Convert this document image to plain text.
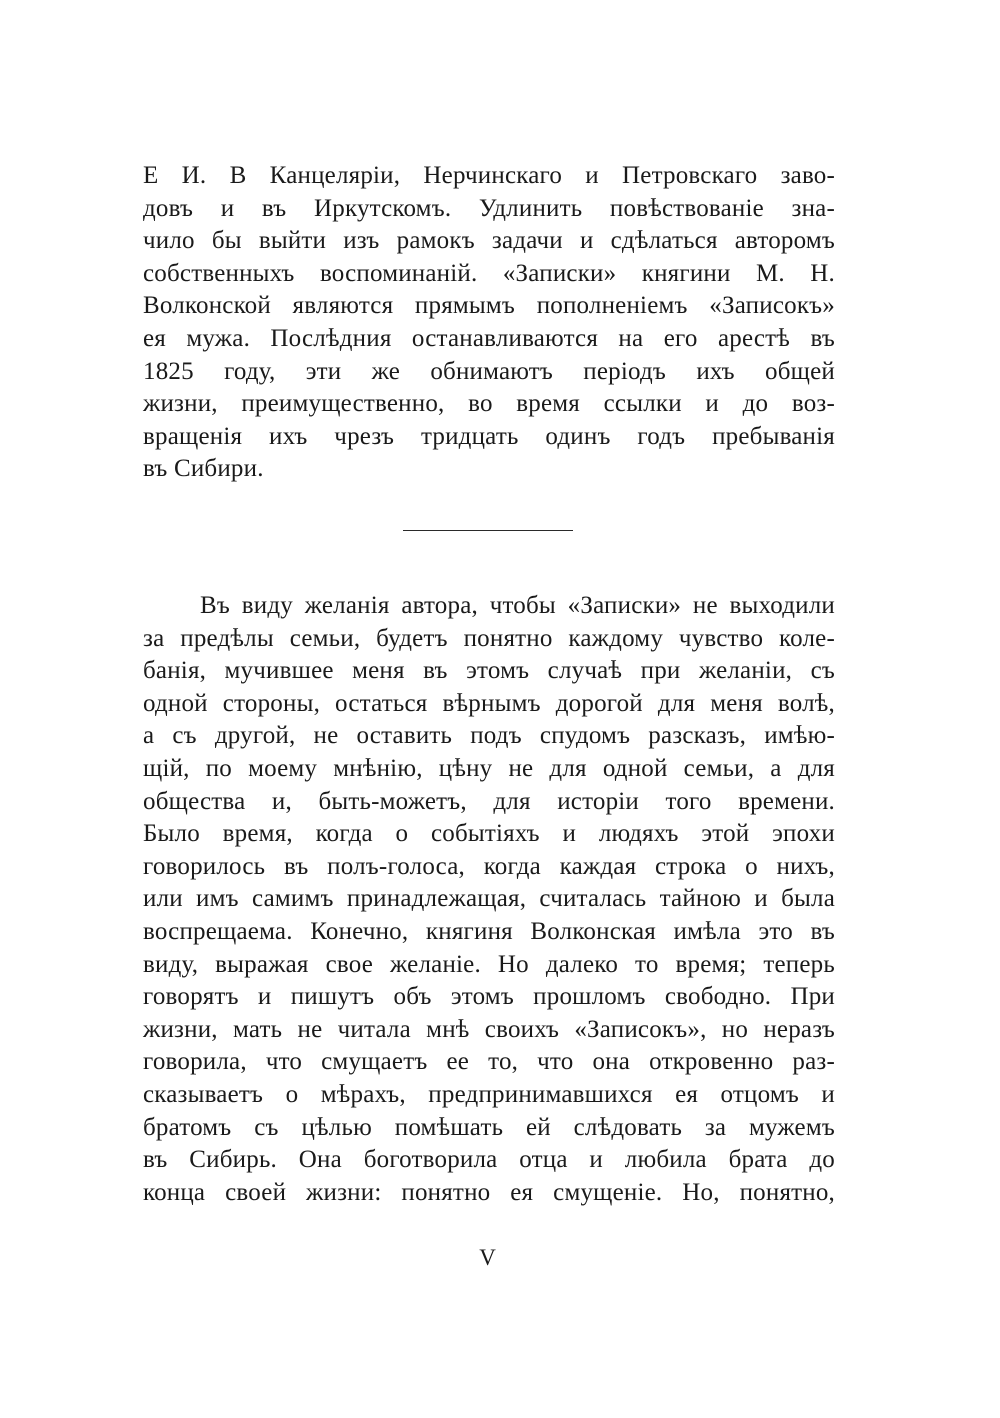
Е И. В Канцеляріи, Нерчинскаго и Петровскаго заво-
довъ и въ Иркутскомъ. Удлинить повѣствованіе зна-
чило бы выйти изъ рамокъ задачи и сдѣлаться авторомъ
собственныхъ воспоминаній. «Записки» княгини М. Н.
Волконской являются прямымъ пополненіемъ «Записокъ»
ея мужа. Послѣдния останавливаются на его арестѣ въ
1825 году, эти же обнимаютъ періодъ ихъ общей
жизни, преимущественно, во время ссылки и до воз-
вращенія ихъ чрезъ тридцать одинъ годъ пребыванія
въ Сибири.
Въ виду желанія автора, чтобы «Записки» не выходили
за предѣлы семьи, будетъ понятно каждому чувство коле-
банія, мучившее меня въ этомъ случаѣ при желаніи, съ
одной стороны, остаться вѣрнымъ дорогой для меня волѣ,
а съ другой, не оставить подъ спудомъ разсказъ, имѣю-
щій, по моему мнѣнію, цѣну не для одной семьи, а для
общества и, быть-можетъ, для исторіи того времени.
Было время, когда о событіяхъ и людяхъ этой эпохи
говорилось въ полъ-голоса, когда каждая строка о нихъ,
или имъ самимъ принадлежащая, считалась тайною и была
воспрещаема. Конечно, княгиня Волконская имѣла это въ
виду, выражая свое желаніе. Но далеко то время; теперь
говорятъ и пишутъ объ этомъ прошломъ свободно. При
жизни, мать не читала мнѣ своихъ «Записокъ», но неразъ
говорила, что смущаетъ ее то, что она откровенно раз-
сказываетъ о мѣрахъ, предпринимавшихся ея отцомъ и
братомъ съ цѣлью помѣшать ей слѣдовать за мужемъ
въ Сибирь. Она боготворила отца и любила брата до
конца своей жизни: понятно ея смущеніе. Но, понятно,
V
